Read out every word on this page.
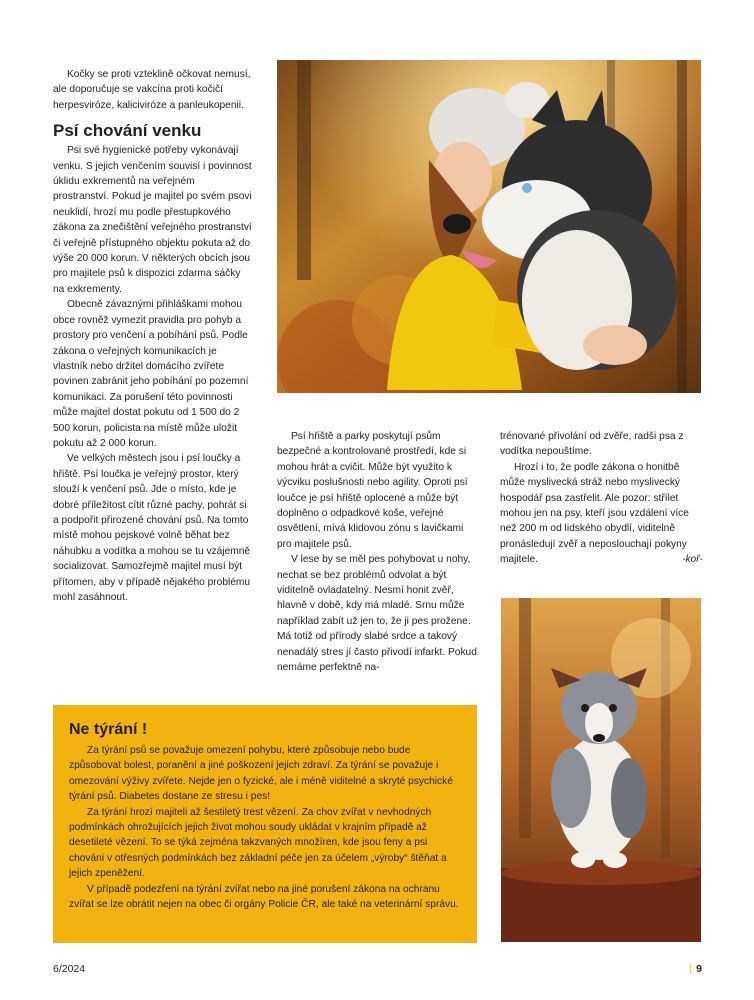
Kočky se proti vzteklině očkovat nemusí, ale doporučuje se vakcína proti kočičí herpesviróze, kaliciviróze a panleukopenii.

Psí chování venku

Psi své hygienické potřeby vykonávají venku. S jejich venčením souvisí i povinnost úklidu exkrementů na veřejném prostranství. Pokud je majitel po svém psovi neuklidí, hrozí mu podle přestupkového zákona za znečištění veřejného prostranství či veřejně přístupného objektu pokuta až do výše 20 000 korun. V některých obcích jsou pro majitele psů k dispozici zdarma sáčky na exkrementy.

Obecně závaznými přihláškami mohou obce rovněž vymezit pravidla pro pohyb a prostory pro venčení a pobíhání psů. Podle zákona o veřejných komunikacích je vlastník nebo držitel domácího zvířete povinen zabránit jeho pobíhání po pozemní komunikaci. Za porušení této povinnosti může majitel dostat pokutu od 1 500 do 2 500 korun, policista na místě může uložit pokutu až 2 000 korun.

Ve velkých městech jsou i psí loučky a hřiště. Psí loučka je veřejný prostor, který slouží k venčení psů. Jde o místo, kde je dobré příležitost cítit různé pachy, pohrát si a podpořit přirozené chování psů. Na tomto místě mohou pejskové volně běhat bez náhubku a vodítka a mohou se tu vzájemně socializovat. Samozřejmě majitel musí být přítomen, aby v případě nějakého problému mohl zasáhnout.

Psí hřiště a parky poskytují psům bezpečné a kontrolované prostředí, kde si mohou hrát a cvičit. Může být využito k výcviku poslušnosti nebo agility. Oproti psí loučce je psí hřiště oplocené a může být doplněno o odpadkové koše, veřejné osvětlení, mívá klidovou zónu s lavičkami pro majitele psů.

V lese by se měl pes pohybovat u nohy, nechat se bez problémů odvolat a být viditelně ovladatelný. Nesmí honit zvěř, hlavně v době, kdy má mladé. Srnu může například zabít už jen to, že ji pes prožene. Má totiž od přírody slabé srdce a takový nenadálý stres jí často přivodí infarkt. Pokud nemáme perfektně na-

trénované přivolání od zvěře, radši psa z vodítka nepouštíme.

Hrozí i to, že podle zákona o honitbě může myslivecká stráž nebo myslivecký hospodář psa zastřelit. Ale pozor: střílet mohou jen na psy, kteří jsou vzdálení více než 200 m od lidského obydlí, viditelně pronásledují zvěř a neposlouchají pokyny majitele.	-koř-

Ne týrání !

Za týrání psů se považuje omezení pohybu, které způsobuje nebo bude způsobovat bolest, poranění a jiné poškození jejich zdraví. Za týrání se považuje i omezování výživy zvířete. Nejde jen o fyzické, ale i méně viditelné a skryté psychické týrání psů. Diabetes dostane ze stresu i pes!

Za týrání hrozí majiteli až šestiletý trest vězení. Za chov zvířat v nevhodných podmínkách ohrožujících jejich život mohou soudy ukládat v krajním případě až desetileté vězení. To se týká zejména takzvaných množíren, kde jsou feny a psi chováni v otřesných podmínkách bez základní péče jen za účelem „výroby“ štěňat a jejich zpeněžení.

V případě podezření na týrání zvířat nebo na jiné porušení zákona na ochranu zvířat se lze obrátit nejen na obec či orgány Policie ČR, ale také na veterinární správu.

6/2024	| 9
